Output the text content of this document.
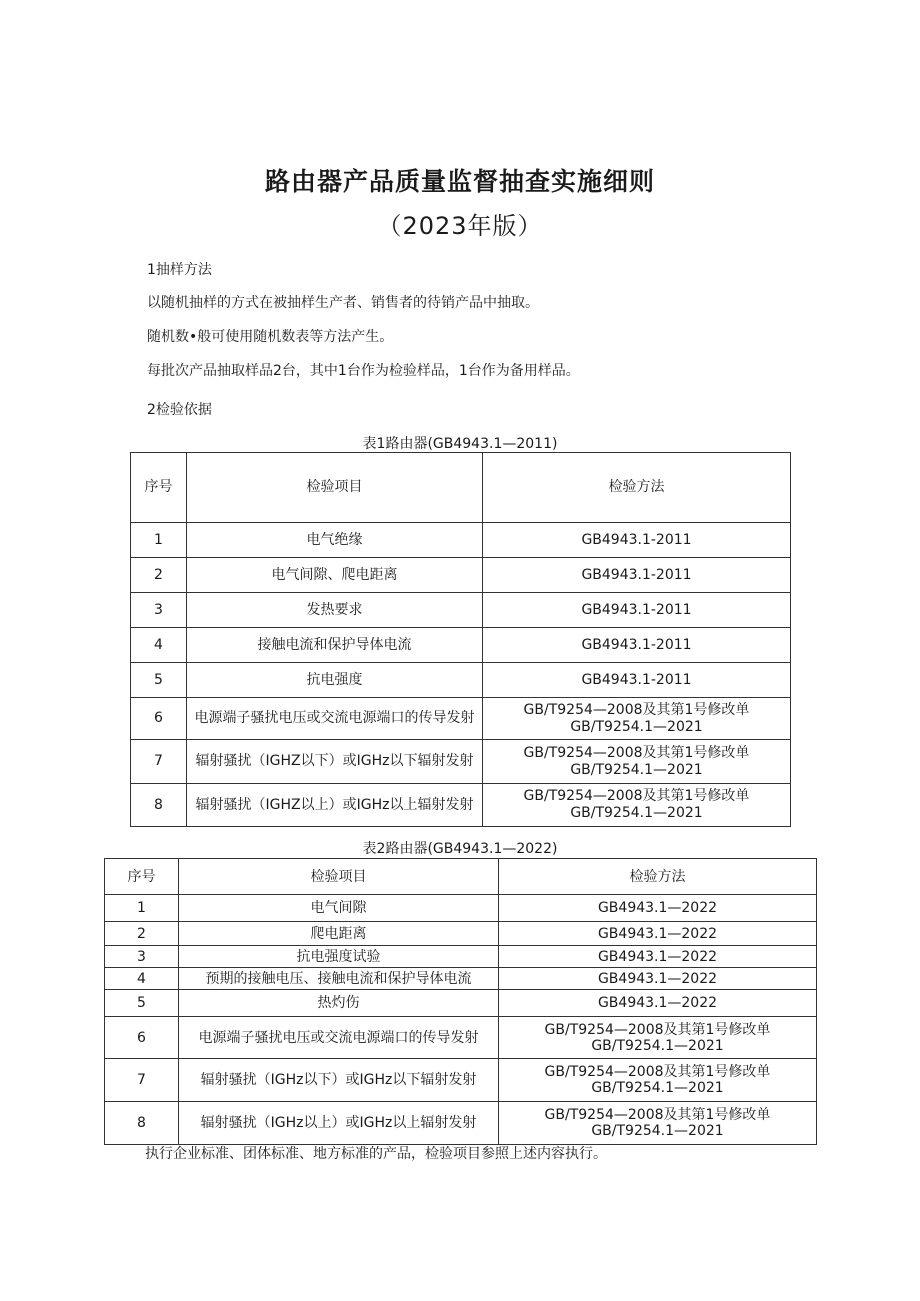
路由器产品质量监督抽查实施细则
（2023年版）
1抽样方法
以随机抽样的方式在被抽样生产者、销售者的待销产品中抽取。
随机数•般可使用随机数表等方法产生。
每批次产品抽取样品2台，其中1台作为检验样品，1台作为备用样品。
2检验依据
表1路由器(GB4943.1—2011)
序号	检验项目	检验方法
1	电气绝缘	GB4943.1-2011
2	电气间隙、爬电距离	GB4943.1-2011
3	发热要求	GB4943.1-2011
4	接触电流和保护导体电流	GB4943.1-2011
5	抗电强度	GB4943.1-2011
6	电源端子骚扰电压或交流电源端口的传导发射	GB/T9254—2008及其第1号修改单 GB/T9254.1—2021
7	辐射骚扰（IGHZ以下）或IGHz以下辐射发射	GB/T9254—2008及其第1号修改单 GB/T9254.1—2021
8	辐射骚扰（IGHZ以上）或IGHz以上辐射发射	GB/T9254—2008及其第1号修改单 GB/T9254.1—2021
表2路由器(GB4943.1—2022)
序号	检验项目	检验方法
1	电气间隙	GB4943.1—2022
2	爬电距离	GB4943.1—2022
3	抗电强度试验	GB4943.1—2022
4	预期的接触电压、接触电流和保护导体电流	GB4943.1—2022
5	热灼伤	GB4943.1—2022
6	电源端子骚扰电压或交流电源端口的传导发射	GB/T9254—2008及其第1号修改单 GB/T9254.1—2021
7	辐射骚扰（IGHz以下）或IGHz以下辐射发射	GB/T9254—2008及其第1号修改单 GB/T9254.1—2021
8	辐射骚扰（IGHz以上）或IGHz以上辐射发射	GB/T9254—2008及其第1号修改单 GB/T9254.1—2021
执行企业标准、团体标准、地方标准的产品，检验项目参照上述内容执行。
